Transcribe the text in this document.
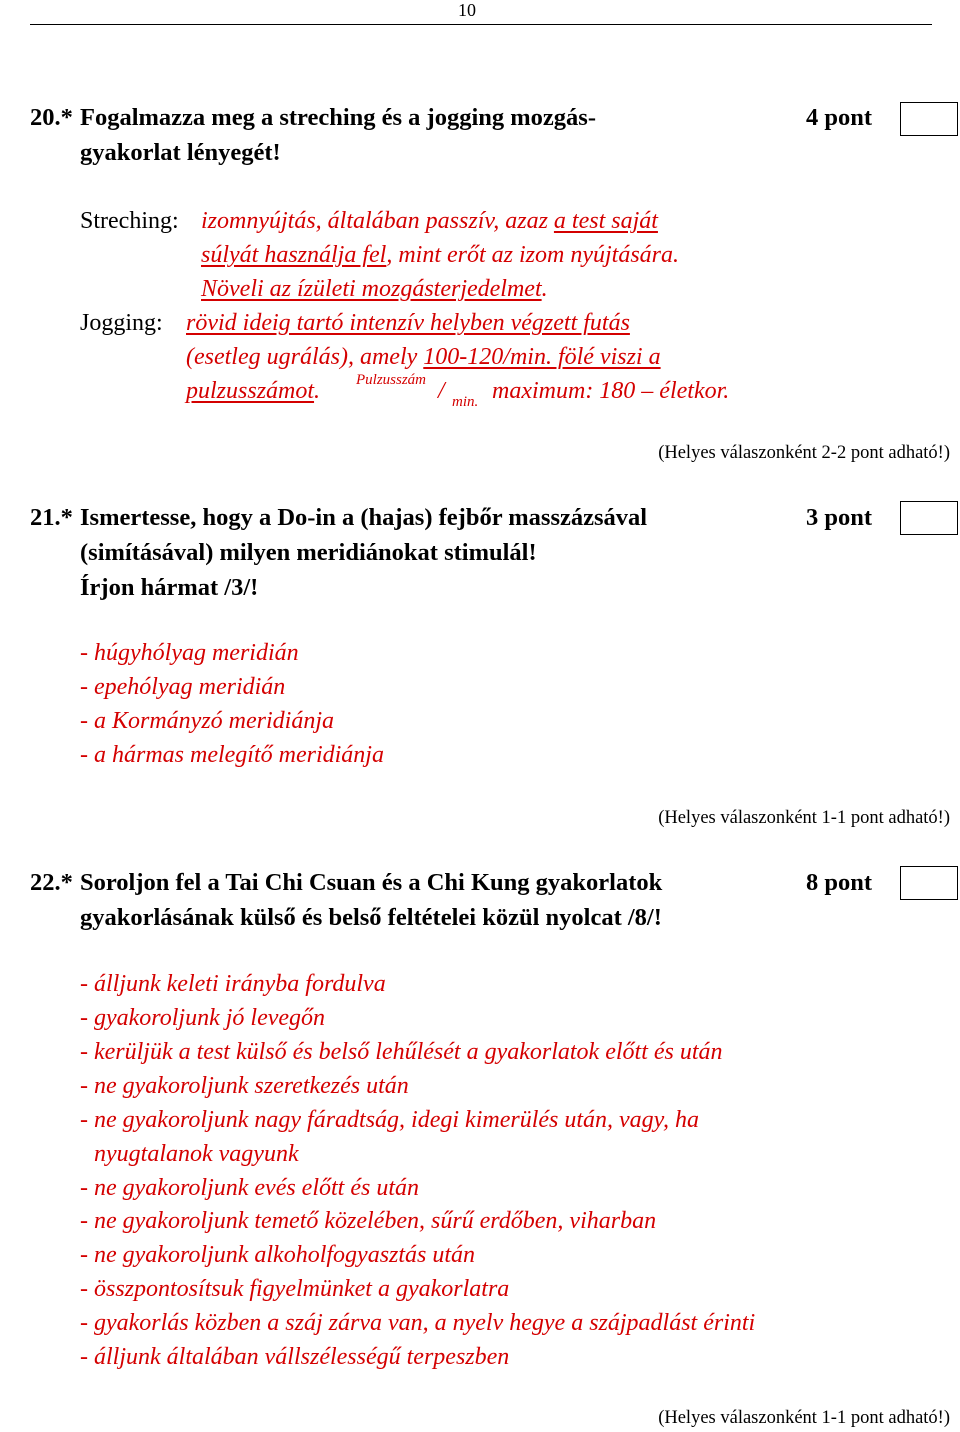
10
20.* Fogalmazza meg a streching és a jogging mozgás-
gyakorlat lényegét!
4 pont
Streching: izomnyújtás, általában passzív, azaz a test saját
súlyát használja fel, mint erőt az izom nyújtására.
Növeli az ízületi mozgásterjedelmet.
Jogging: rövid ideig tartó intenzív helyben végzett futás
(esetleg ugrálás), amely 100-120/min. fölé viszi a
pulzusszámot. Pulzusszám / min. maximum: 180 – életkor.
(Helyes válaszonként 2-2 pont adható!)
21.* Ismertesse, hogy a Do-in a (hajas) fejbőr masszázsával
(simításával) milyen meridiánokat stimulál!
Írjon hármat /3/!
3 pont
- húgyhólyag meridián
- epehólyag meridián
- a Kormányzó meridiánja
- a hármas melegítő meridiánja
(Helyes válaszonként 1-1 pont adható!)
22.* Soroljon fel a Tai Chi Csuan és a Chi Kung gyakorlatok
gyakorlásának külső és belső feltételei közül nyolcat /8/!
8 pont
- álljunk keleti irányba fordulva
- gyakoroljunk jó levegőn
- kerüljük a test külső és belső lehűlését a gyakorlatok előtt és után
- ne gyakoroljunk szeretkezés után
- ne gyakoroljunk nagy fáradtság, idegi kimerülés után, vagy, ha
nyugtalanok vagyunk
- ne gyakoroljunk evés előtt és után
- ne gyakoroljunk temető közelében, sűrű erdőben, viharban
- ne gyakoroljunk alkoholfogyasztás után
- összpontosítsuk figyelmünket a gyakorlatra
- gyakorlás közben a száj zárva van, a nyelv hegye a szájpadlást érinti
- álljunk általában vállszélességű terpeszben
(Helyes válaszonként 1-1 pont adható!)
